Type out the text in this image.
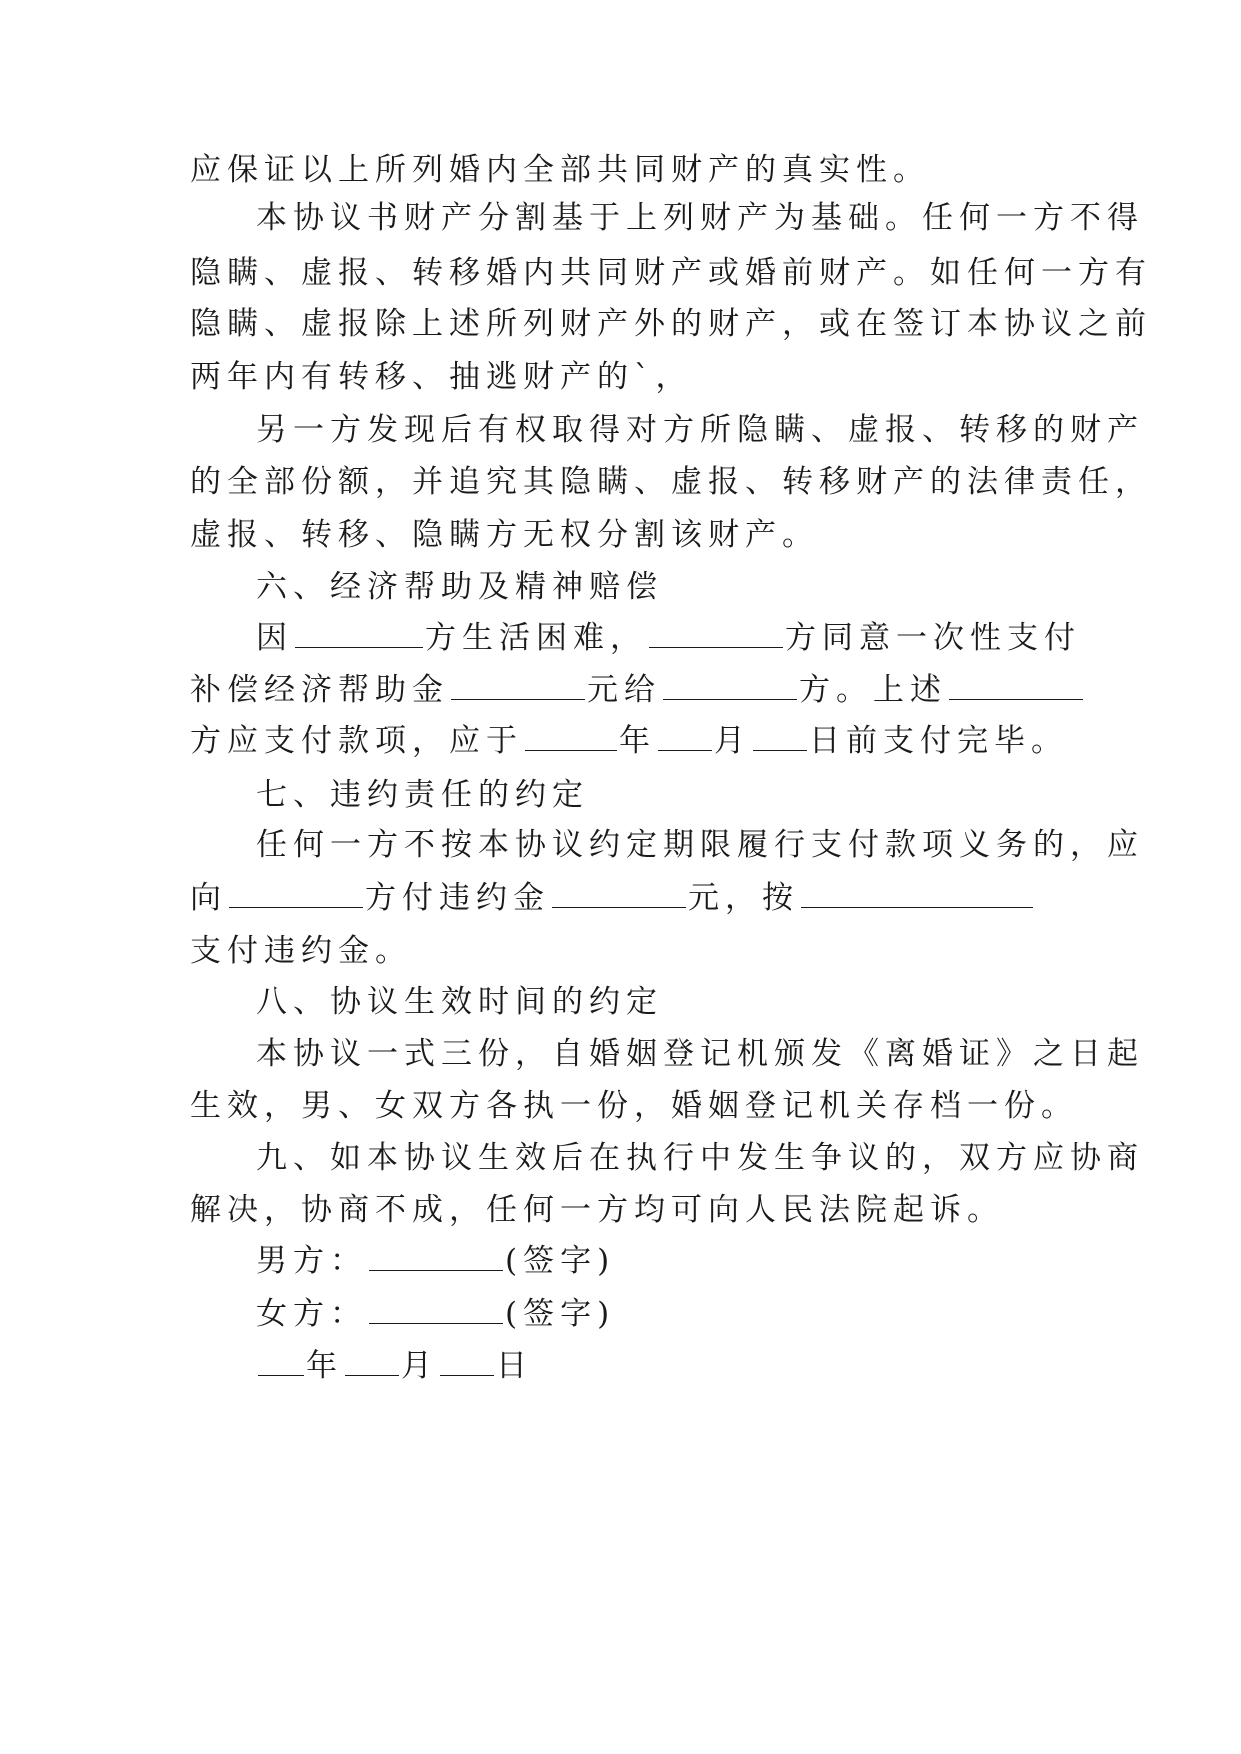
应保证以上所列婚内全部共同财产的真实性。
本协议书财产分割基于上列财产为基础。任何一方不得
隐瞒、虚报、转移婚内共同财产或婚前财产。如任何一方有
隐瞒、虚报除上述所列财产外的财产，或在签订本协议之前
两年内有转移、抽逃财产的`，
另一方发现后有权取得对方所隐瞒、虚报、转移的财产
的全部份额，并追究其隐瞒、虚报、转移财产的法律责任，
虚报、转移、隐瞒方无权分割该财产。
六、经济帮助及精神赔偿
因	方生活困难，	方同意一次性支付
补偿经济帮助金	元给	方。上述
方应支付款项，应于	年 月 日前支付完毕。
七、违约责任的约定
任何一方不按本协议约定期限履行支付款项义务的，应
向	方付违约金	元，按
支付违约金。
八、协议生效时间的约定
本协议一式三份，自婚姻登记机颁发《离婚证》之日起
生效，男、女双方各执一份，婚姻登记机关存档一份。
九、如本协议生效后在执行中发生争议的，双方应协商
解决，协商不成，任何一方均可向人民法院起诉。
男方：	(签字)
女方：	(签字)
年 月 日
